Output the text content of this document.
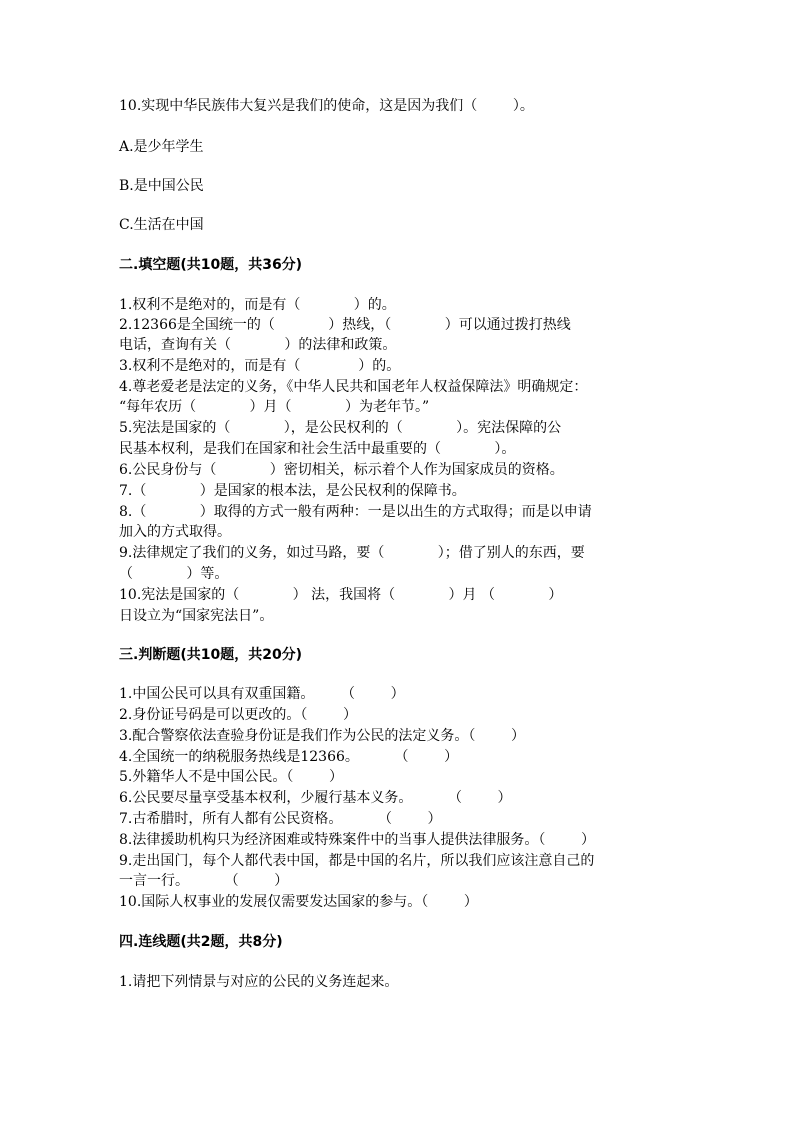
10.实现中华民族伟大复兴是我们的使命，这是因为我们（        ）。
A.是少年学生
B.是中国公民
C.生活在中国
二.填空题(共10题，共36分)
1.权利不是绝对的，而是有（            ）的。
2.12366是全国统一的（            ）热线，（            ）可以通过拨打热线
电话，查询有关（            ）的法律和政策。
3.权利不是绝对的，而是有（             ）的。
4.尊老爱老是法定的义务，《中华人民共和国老年人权益保障法》明确规定：
“每年农历（            ）月（            ）为老年节。”
5.宪法是国家的（            ），是公民权利的（            ）。宪法保障的公
民基本权利，是我们在国家和社会生活中最重要的（            ）。
6.公民身份与（            ）密切相关，标示着个人作为国家成员的资格。
7.（            ）是国家的根本法，是公民权利的保障书。
8.（            ）取得的方式一般有两种：一是以出生的方式取得；而是以申请
加入的方式取得。
9.法律规定了我们的义务，如过马路，要（            ）；借了别人的东西，要
（            ）等。
10.宪法是国家的（            ） 法，我国将（            ）月 （            ）
日设立为“国家宪法日”。
三.判断题(共10题，共20分)
1.中国公民可以具有双重国籍。      （        ）
2.身份证号码是可以更改的。（        ）
3.配合警察依法查验身份证是我们作为公民的法定义务。（        ）
4.全国统一的纳税服务热线是12366。        （        ）
5.外籍华人不是中国公民。（        ）
6.公民要尽量享受基本权利，少履行基本义务。        （        ）
7.古希腊时，所有人都有公民资格。        （        ）
8.法律援助机构只为经济困难或特殊案件中的当事人提供法律服务。（        ）
9.走出国门，每个人都代表中国，都是中国的名片，所以我们应该注意自己的
一言一行。        （        ）
10.国际人权事业的发展仅需要发达国家的参与。（        ）
四.连线题(共2题，共8分)
1.请把下列情景与对应的公民的义务连起来。
